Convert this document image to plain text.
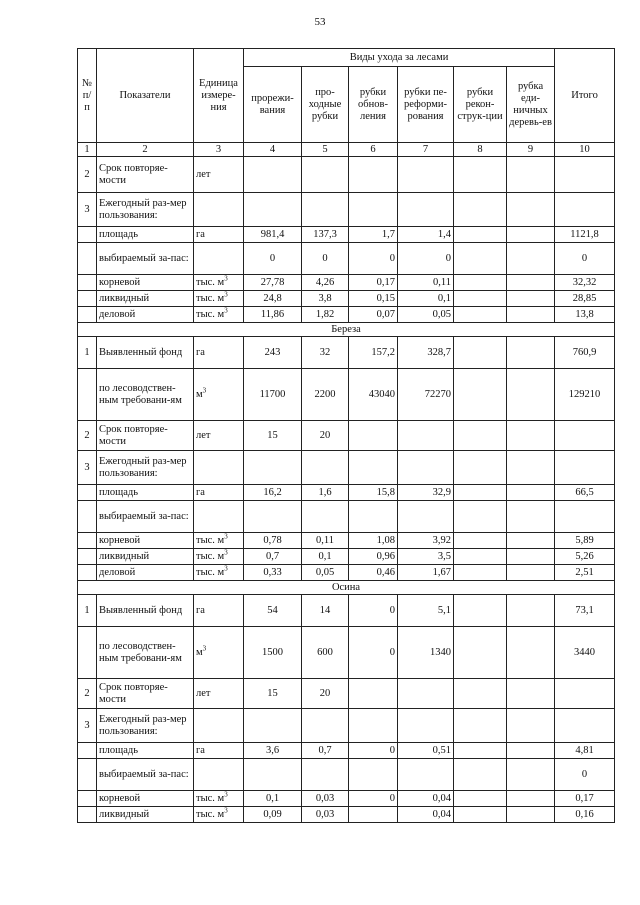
53
№ п/п	Показатели	Единица измере-ния	Виды ухода за лесами						Итого
			прорежи-вания	про-ходные рубки	рубки обнов-ления	рубки пе-реформи-рования	рубки рекон-струк-ции	рубка еди-ничных деревь-ев	
1	2	3	4	5	6	7	8	9	10
2	Срок повторяе-мости	лет							
3	Ежегодный раз-мер пользования:								
	площадь	га	981,4	137,3	1,7	1,4			1121,8
	выбираемый за-пас:		0	0	0	0			0
	корневой	тыс. $м^3$	27,78	4,26	0,17	0,11			32,32
	ликвидный	тыс. $м^3$	24,8	3,8	0,15	0,1			28,85
	деловой	тыс. $м^3$	11,86	1,82	0,07	0,05			13,8
Береза									
1	Выявленный фонд	га	243	32	157,2	328,7			760,9
	по лесоводствен-ным требовани-ям	$м^3$	11700	2200	43040	72270			129210
2	Срок повторяе-мости	лет	15	20					
3	Ежегодный раз-мер пользования:								
	площадь	га	16,2	1,6	15,8	32,9			66,5
	выбираемый за-пас:								
	корневой	тыс. $м^3$	0,78	0,11	1,08	3,92			5,89
	ликвидный	тыс. $м^3$	0,7	0,1	0,96	3,5			5,26
	деловой	тыс. $м^3$	0,33	0,05	0,46	1,67			2,51
Осина									
1	Выявленный фонд	га	54	14	0	5,1			73,1
	по лесоводствен-ным требовани-ям	$м^3$	1500	600	0	1340			3440
2	Срок повторяе-мости	лет	15	20					
3	Ежегодный раз-мер пользования:								
	площадь	га	3,6	0,7	0	0,51			4,81
	выбираемый за-пас:								0
	корневой	тыс. $м^3$	0,1	0,03	0	0,04			0,17
	ликвидный	тыс. $м^3$	0,09	0,03		0,04			0,16
